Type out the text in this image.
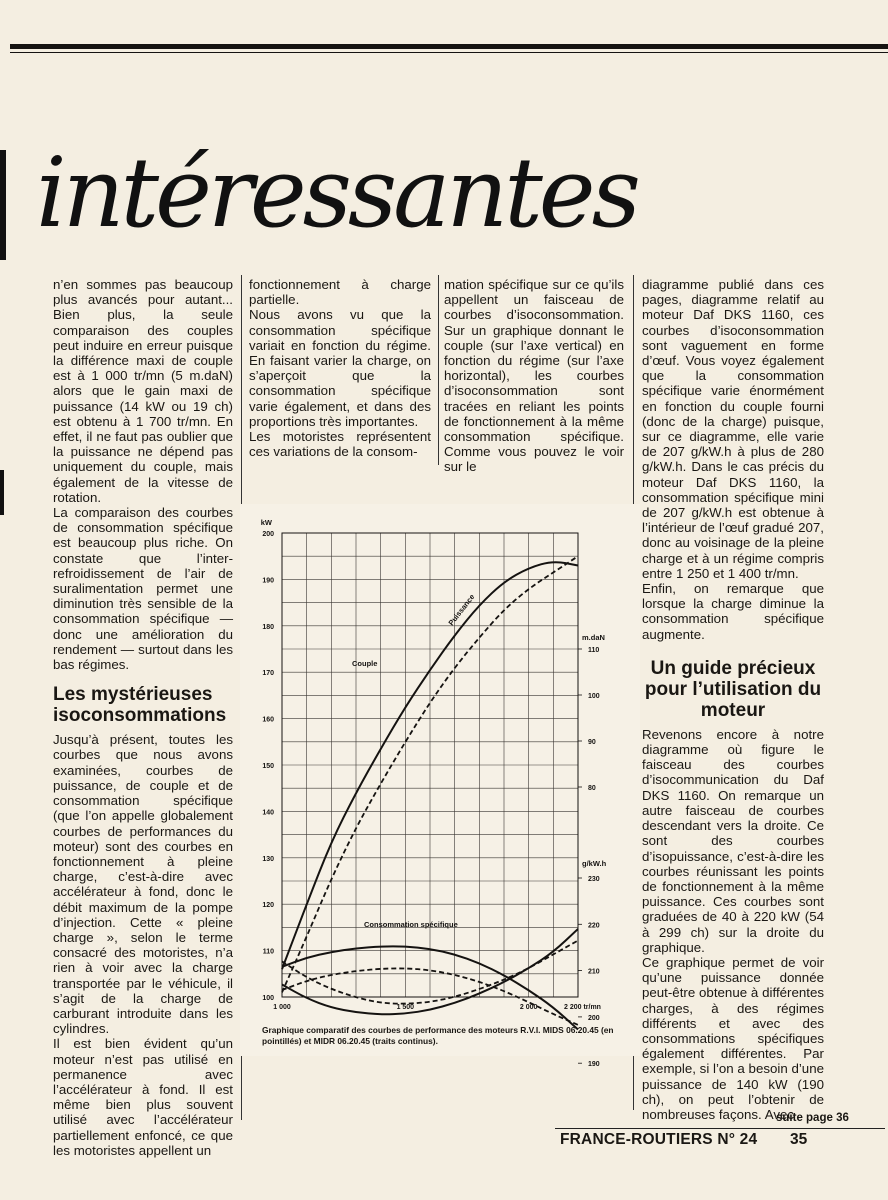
intéressantes

n’en sommes pas beaucoup plus avancés pour autant... Bien plus, la seule comparaison des couples peut induire en erreur puisque la différence maxi de couple est à 1 000 tr/mn (5 m.daN) alors que le gain maxi de puissance (14 kW ou 19 ch) est obtenu à 1 700 tr/mn. En effet, il ne faut pas oublier que la puissance ne dépend pas uniquement du couple, mais également de la vitesse de rotation.

La comparaison des courbes de consommation spécifique est beaucoup plus riche. On constate que l’inter-refroidissement de l’air de suralimentation permet une diminution très sensible de la consommation spécifique — donc une amélioration du rendement — surtout dans les bas régimes.

Les mystérieuses isoconsommations

Jusqu’à présent, toutes les courbes que nous avons examinées, courbes de puissance, de couple et de consommation spécifique (que l’on appelle globalement courbes de performances du moteur) sont des courbes en fonctionnement à pleine charge, c’est-à-dire avec accélérateur à fond, donc le débit maximum de la pompe d’injection. Cette « pleine charge », selon le terme consacré des motoristes, n’a rien à voir avec la charge transportée par le véhicule, il s’agit de la charge de carburant introduite dans les cylindres.

Il est bien évident qu’un moteur n’est pas utilisé en permanence avec l’accélérateur à fond. Il est même bien plus souvent utilisé avec l’accélérateur partiellement enfoncé, ce que les motoristes appellent un

fonctionnement à charge partielle.

Nous avons vu que la consommation spécifique variait en fonction du régime. En faisant varier la charge, on s’aperçoit que la consommation spécifique varie également, et dans des proportions très importantes.

Les motoristes représentent ces variations de la consom-

mation spécifique sur ce qu’ils appellent un faisceau de courbes d’isoconsommation. Sur un graphique donnant le couple (sur l’axe vertical) en fonction du régime (sur l’axe horizontal), les courbes d’isoconsommation sont tracées en reliant les points de fonctionnement à la même consommation spécifique. Comme vous pouvez le voir sur le

diagramme publié dans ces pages, diagramme relatif au moteur Daf DKS 1160, ces courbes d’isoconsommation sont vaguement en forme d’œuf. Vous voyez également que la consommation spécifique varie énormément en fonction du couple fourni (donc de la charge) puisque, sur ce diagramme, elle varie de 207 g/kW.h à plus de 280 g/kW.h. Dans le cas précis du moteur Daf DKS 1160, la consommation spécifique mini de 207 g/kW.h est obtenue à l’intérieur de l’œuf gradué 207, donc au voisinage de la pleine charge et à un régime compris entre 1 250 et 1 400 tr/mn.

Enfin, on remarque que lorsque la charge diminue la consommation spécifique augmente.

Un guide précieux pour l’utilisation du moteur

Revenons encore à notre diagramme où figure le faisceau des courbes d’isocommunication du Daf DKS 1160. On remarque un autre faisceau de courbes descendant vers la droite. Ce sont des courbes d’isopuissance, c’est-à-dire les courbes réunissant les points de fonctionnement à la même puissance. Ces courbes sont graduées de 40 à 220 kW (54 à 299 ch) sur la droite du graphique.

Ce graphique permet de voir qu’une puissance donnée peut-être obtenue à différentes charges, à des régimes différents et avec des consommations spécifiques également différentes. Par exemple, si l’on a besoin d’une puissance de 140 kW (190 ch), on peut l’obtenir de nombreuses façons. Avec

kW
200
190
180
170
160
150
140
130
120
110
100
1 000	1 500	2 000	2 200 tr/mn
m.daN
110
100
90
80
g/kW.h
230
220
210
200
190
Puissance
Couple
Consommation spécifique
Graphique comparatif des courbes de performance des moteurs R.V.I. MIDS 06.20.45 (en pointillés) et MIDR 06.20.45 (traits continus).
suite page 36
FRANCE-ROUTIERS N° 24 35
